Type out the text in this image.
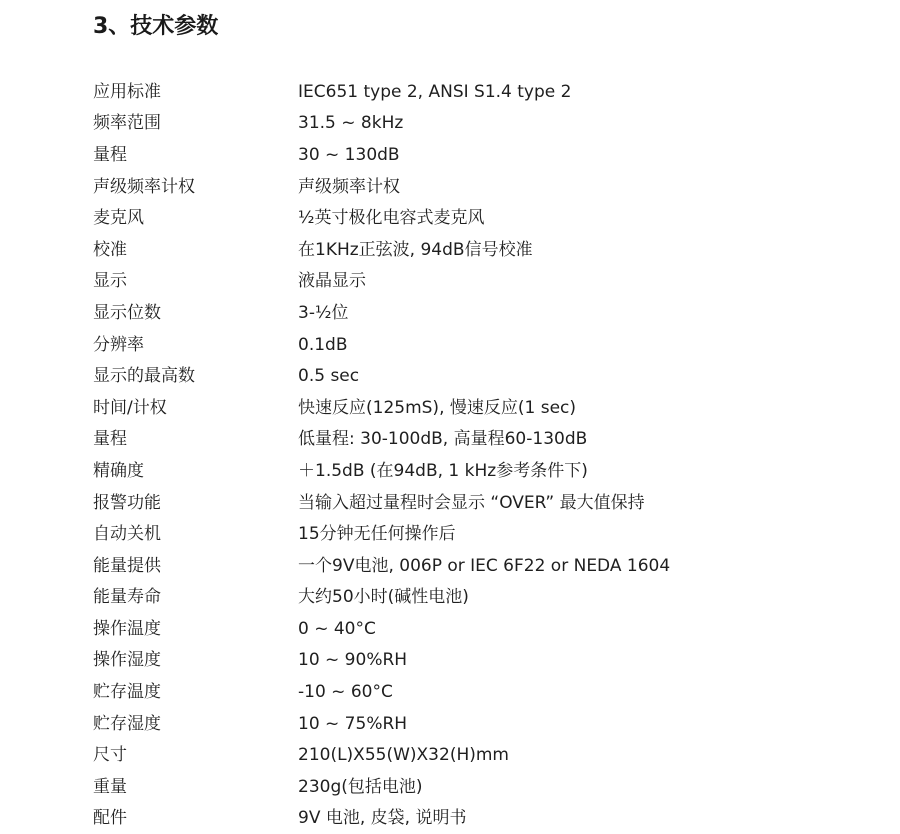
3、技术参数
应用标准	IEC651 type 2, ANSI S1.4 type 2
频率范围	31.5 ~ 8kHz
量程	30 ~ 130dB
声级频率计权	声级频率计权
麦克风	½英寸极化电容式麦克风
校准	在1KHz正弦波, 94dB信号校准
显示	液晶显示
显示位数	3-½位
分辨率	0.1dB
显示的最高数	0.5 sec
时间/计权	快速反应(125mS), 慢速反应(1 sec)
量程	低量程: 30-100dB, 高量程60-130dB
精确度	＋1.5dB (在94dB, 1 kHz参考条件下)
报警功能	当输入超过量程时会显示 “OVER” 最大值保持
自动关机	15分钟无任何操作后
能量提供	一个9V电池, 006P or IEC 6F22 or NEDA 1604
能量寿命	大约50小时(碱性电池)
操作温度	0 ~ 40°C
操作湿度	10 ~ 90%RH
贮存温度	-10 ~ 60°C
贮存湿度	10 ~ 75%RH
尺寸	210(L)X55(W)X32(H)mm
重量	230g(包括电池)
配件	9V 电池, 皮袋, 说明书
